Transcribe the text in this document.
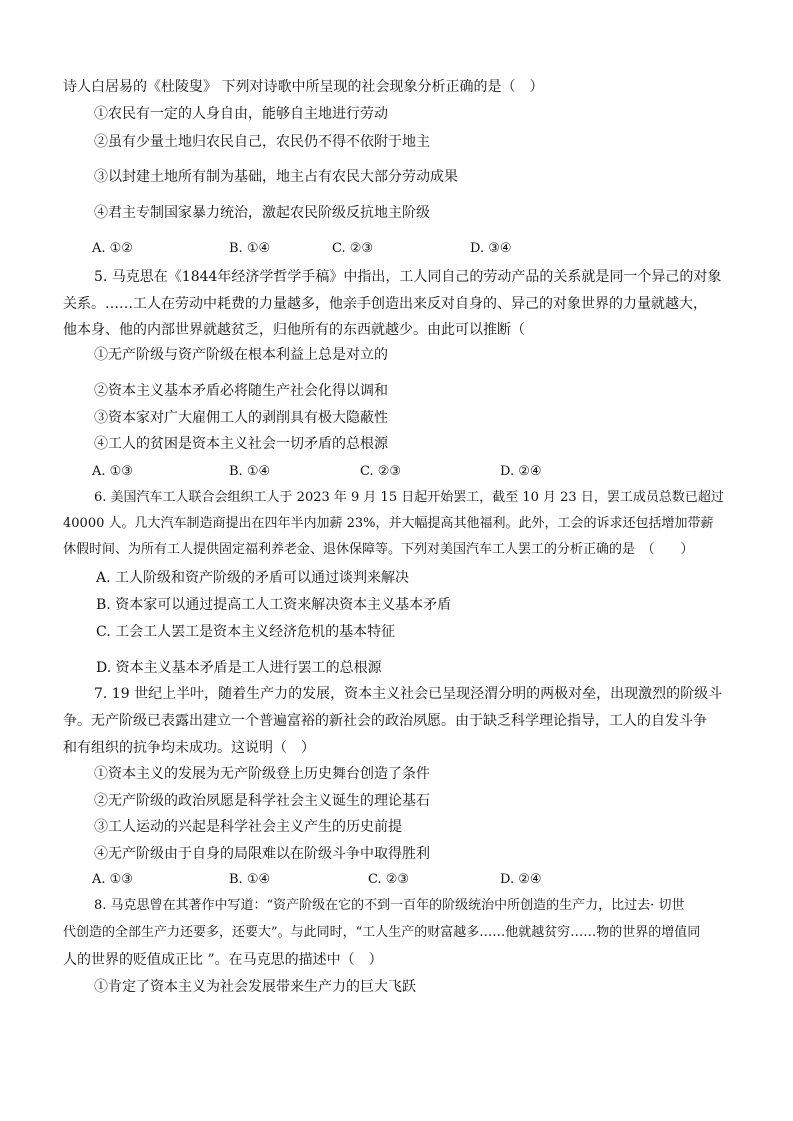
诗人白居易的《杜陵叟》 下列对诗歌中所呈现的社会现象分析正确的是（　）
①农民有一定的人身自由，能够自主地进行劳动
②虽有少量土地归农民自己，农民仍不得不依附于地主
③以封建土地所有制为基础，地主占有农民大部分劳动成果
④君主专制国家暴力统治，激起农民阶级反抗地主阶级
A. ①②	B. ①④	C. ②③	D. ③④
5. 马克思在《1844年经济学哲学手稿》中指出，工人同自己的劳动产品的关系就是同一个异己的对象
关系。……工人在劳动中耗费的力量越多，他亲手创造出来反对自身的、异己的对象世界的力量就越大，
他本身、他的内部世界就越贫乏，归他所有的东西就越少。由此可以推断（
①无产阶级与资产阶级在根本利益上总是对立的
②资本主义基本矛盾必将随生产社会化得以调和
③资本家对广大雇佣工人的剥削具有极大隐蔽性
④工人的贫困是资本主义社会一切矛盾的总根源
A. ①③	B. ①④	C. ②③	D. ②④
6. 美国汽车工人联合会组织工人于 2023 年 9 月 15 日起开始罢工，截至 10 月 23 日，罢工成员总数已超过
40000 人。几大汽车制造商提出在四年半内加薪 23%，并大幅提高其他福利。此外，工会的诉求还包括增加带薪
休假时间、为所有工人提供固定福利养老金、退休保障等。下列对美国汽车工人罢工的分析正确的是　（　　）
A. 工人阶级和资产阶级的矛盾可以通过谈判来解决
B. 资本家可以通过提高工人工资来解决资本主义基本矛盾
C. 工会工人罢工是资本主义经济危机的基本特征
D. 资本主义基本矛盾是工人进行罢工的总根源
7. 19 世纪上半叶，随着生产力的发展，资本主义社会已呈现泾渭分明的两极对垒，出现激烈的阶级斗
争。无产阶级已表露出建立一个普遍富裕的新社会的政治夙愿。由于缺乏科学理论指导，工人的自发斗争
和有组织的抗争均未成功。这说明（　）
①资本主义的发展为无产阶级登上历史舞台创造了条件
②无产阶级的政治夙愿是科学社会主义诞生的理论基石
③工人运动的兴起是科学社会主义产生的历史前提
④无产阶级由于自身的局限难以在阶级斗争中取得胜利
A. ①③	B. ①④	C. ②③	D. ②④
8. 马克思曾在其著作中写道：“资产阶级在它的不到一百年的阶级统治中所创造的生产力，比过去· 切世
代创造的全部生产力还要多，还要大”。与此同时，“工人生产的财富越多……他就越贫穷……物的世界的增值同
人的世界的贬值成正比 ”。在马克思的描述中（　）
①肯定了资本主义为社会发展带来生产力的巨大飞跃
